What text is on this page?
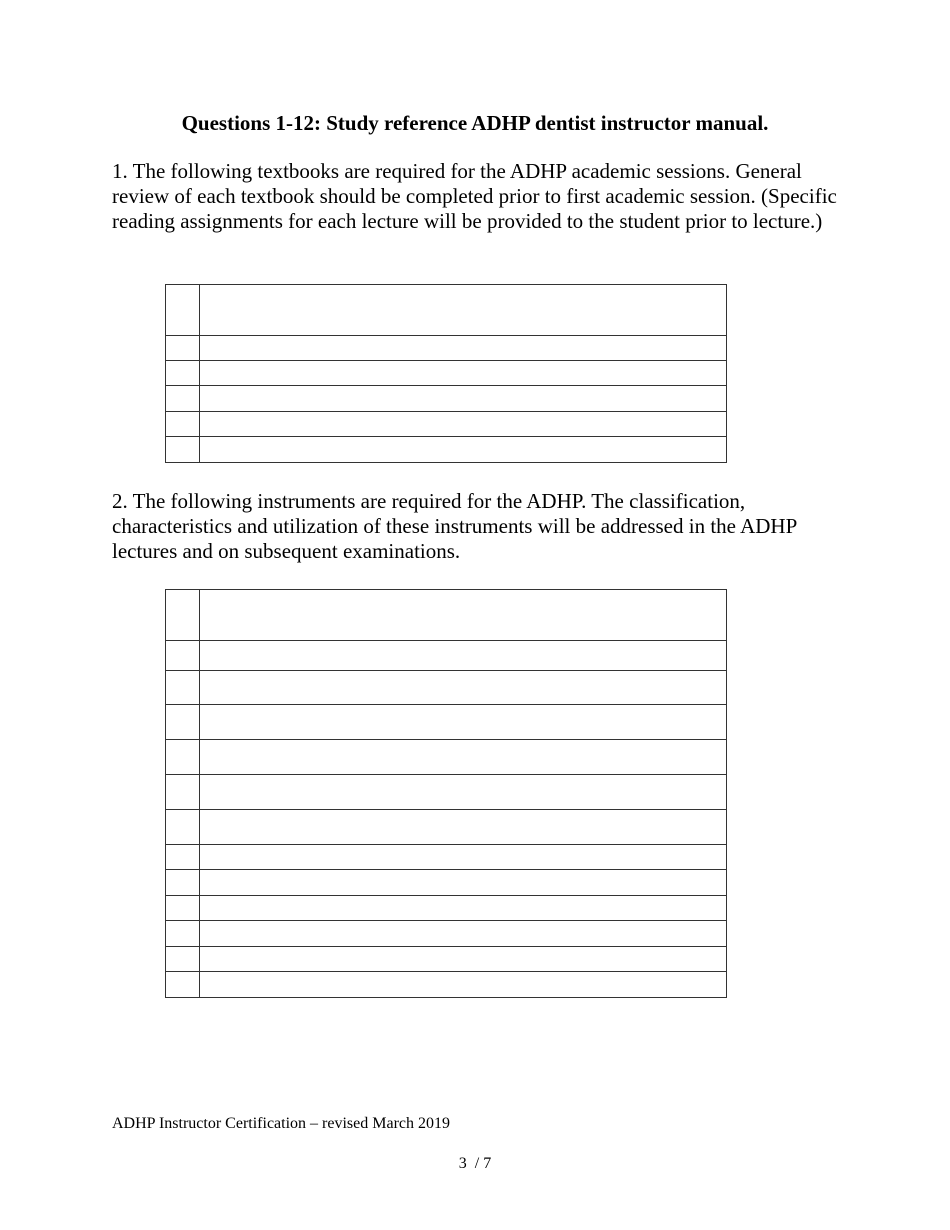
Questions 1-12: Study reference ADHP dentist instructor manual.
1. The following textbooks are required for the ADHP academic sessions. General review of each textbook should be completed prior to first academic session. (Specific reading assignments for each lecture will be provided to the student prior to lecture.)

2. The following instruments are required for the ADHP. The classification, characteristics and utilization of these instruments will be addressed in the ADHP lectures and on subsequent examinations.

ADHP Instructor Certification – revised March 2019
3 / 7
